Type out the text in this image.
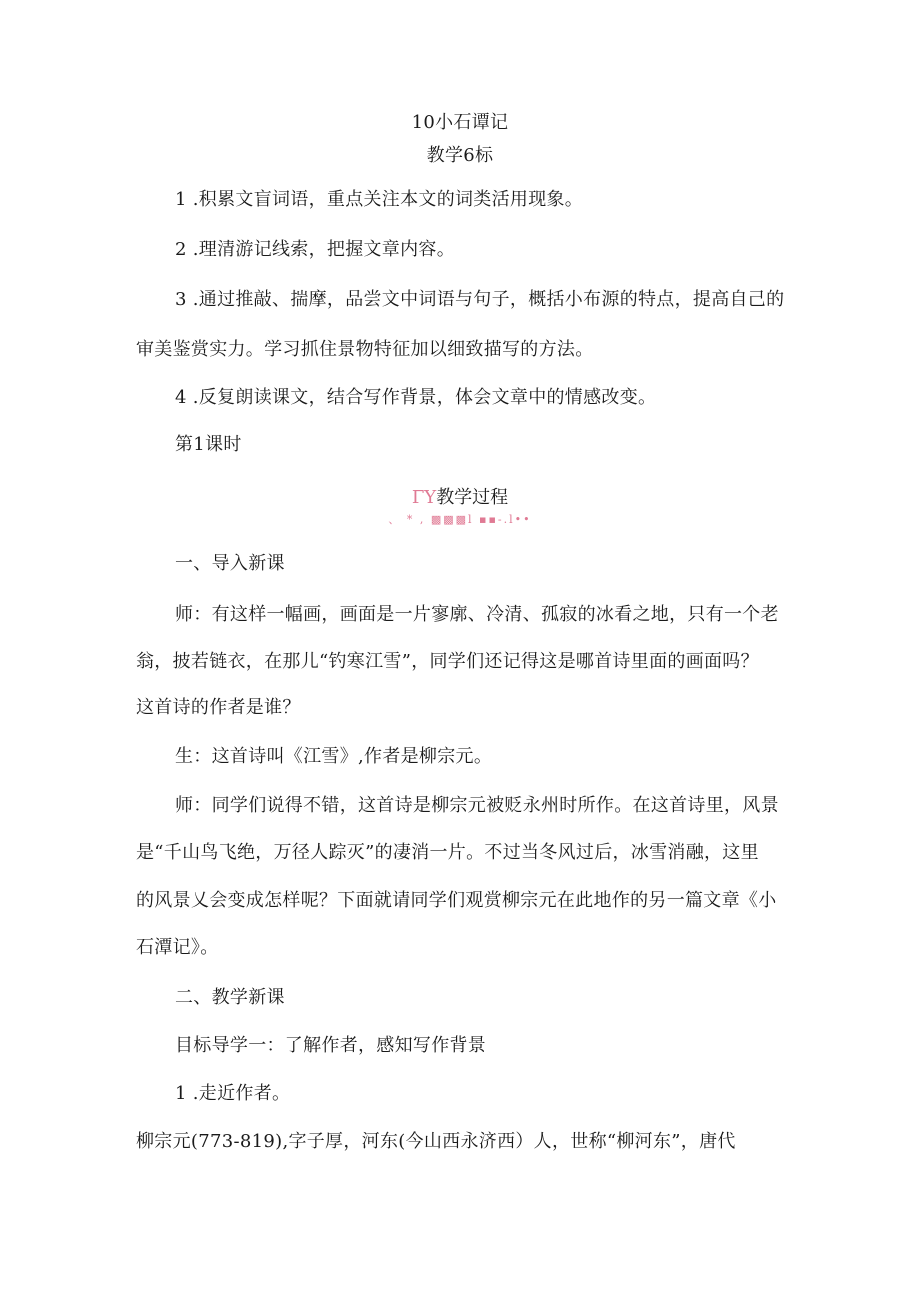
10小石谭记
教学6标
1 .积累文盲词语，重点关注本文的词类活用现象。
2 .理清游记线索，把握文章内容。
3 .通过推敲、揣摩，品尝文中词语与句子，概括小布源的特点，提高自己的
审美鉴赏实力。学习抓住景物特征加以细致描写的方法。
4 .反复朗读课文，结合写作背景，体会文章中的情感改变。
第1课时
ΓY教学过程
、 * , ▩▩▩l ▪▪-.l••
一、导入新课
师：有这样一幅画，画面是一片寥廓、冷清、孤寂的冰看之地，只有一个老
翁，披若链衣，在那儿“钓寒江雪”，同学们还记得这是哪首诗里面的画面吗？
这首诗的作者是谁？
生：这首诗叫《江雪》,作者是柳宗元。
师：同学们说得不错，这首诗是柳宗元被贬永州时所作。在这首诗里，风景
是“千山鸟飞绝，万径人踪灭”的凄消一片。不过当冬风过后，冰雪消融，这里
的风景乂会变成怎样呢？下面就请同学们观赏柳宗元在此地作的另一篇文章《小
石潭记》。
二、教学新课
目标导学一：了解作者，感知写作背景
1 .走近作者。
柳宗元(773-819),字子厚，河东(今山西永济西）人，世称“柳河东”，唐代
